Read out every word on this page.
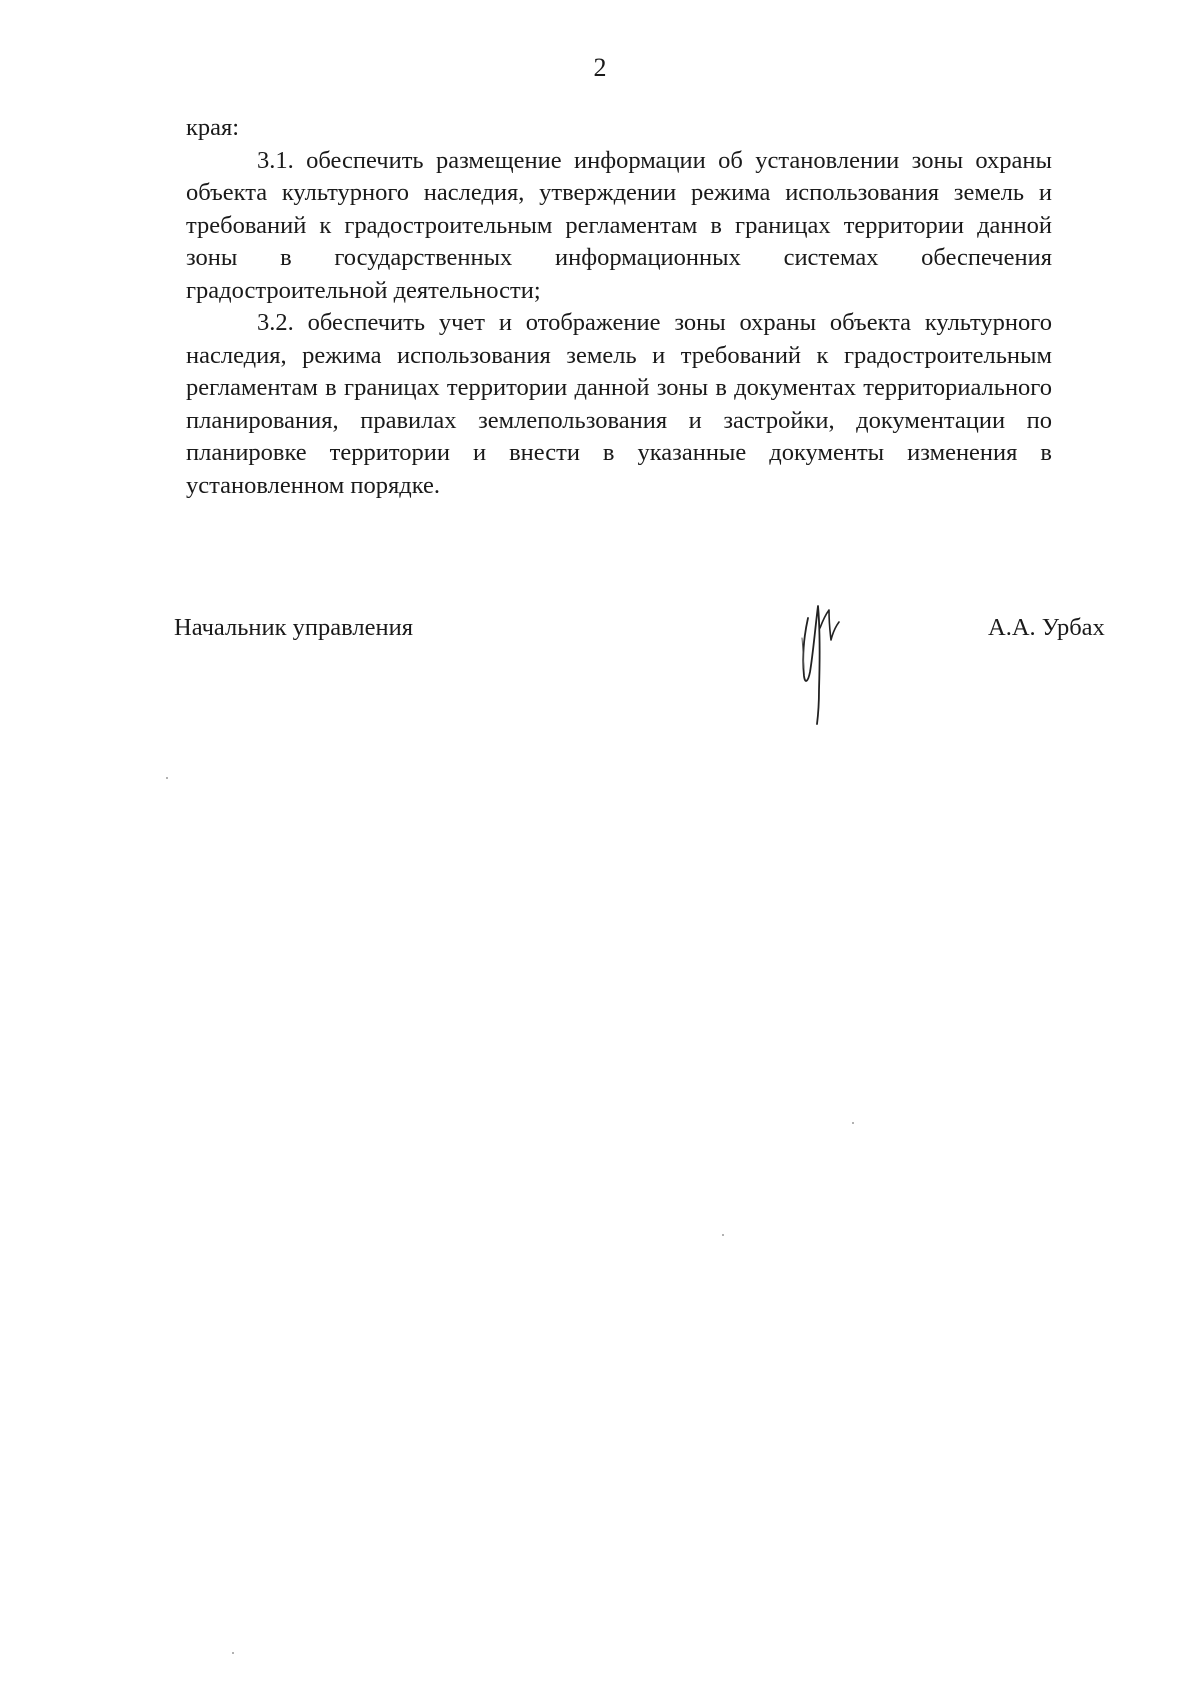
2

края:

3.1. обеспечить размещение информации об установлении зоны охраны объекта культурного наследия, утверждении режима использования земель и требований к градостроительным регламентам в границах территории данной зоны в государственных информационных системах обеспечения градостроительной деятельности;

3.2. обеспечить учет и отображение зоны охраны объекта культурного наследия, режима использования земель и требований к градостроительным регламентам в границах территории данной зоны в документах территориального планирования, правилах землепользования и застройки, документации по планировке территории и внести в указанные документы изменения в установленном порядке.

Начальник управления	А.А. Урбах
